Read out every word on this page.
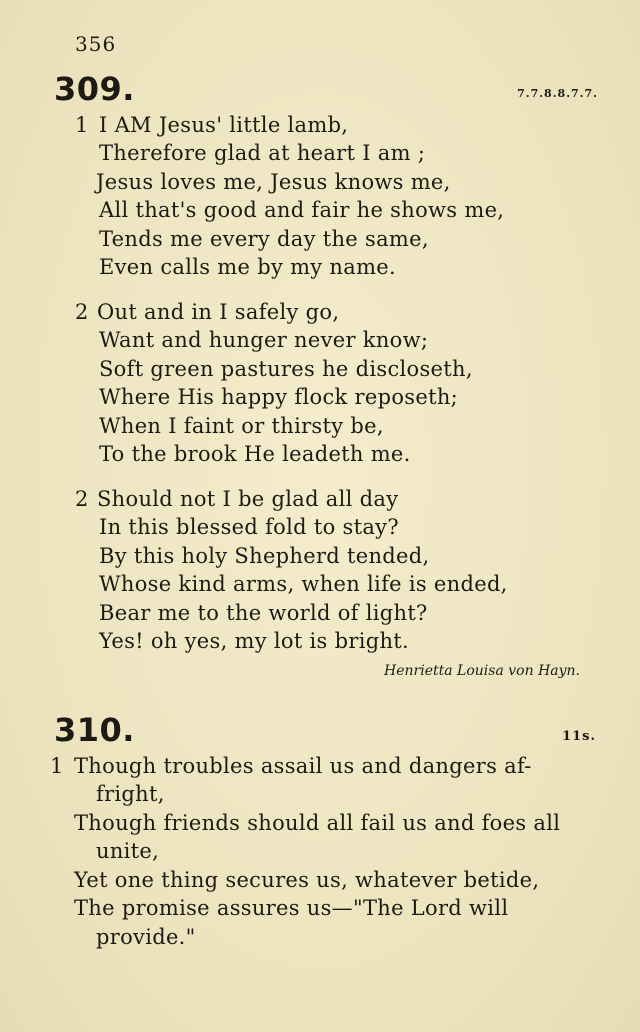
356
309.	7.7.8.8.7.7.
1 I AM Jesus' little lamb,
Therefore glad at heart I am ;
Jesus loves me, Jesus knows me,
All that's good and fair he shows me,
Tends me every day the same,
Even calls me by my name.
2 Out and in I safely go,
Want and hunger never know;
Soft green pastures he discloseth,
Where His happy flock reposeth;
When I faint or thirsty be,
To the brook He leadeth me.
2 Should not I be glad all day
In this blessed fold to stay?
By this holy Shepherd tended,
Whose kind arms, when life is ended,
Bear me to the world of light?
Yes! oh yes, my lot is bright.
Henrietta Louisa von Hayn.
310.	11s.
1 Though troubles assail us and dangers af-
fright,
Though friends should all fail us and foes all
unite,
Yet one thing secures us, whatever betide,
The promise assures us—"The Lord will
provide."
